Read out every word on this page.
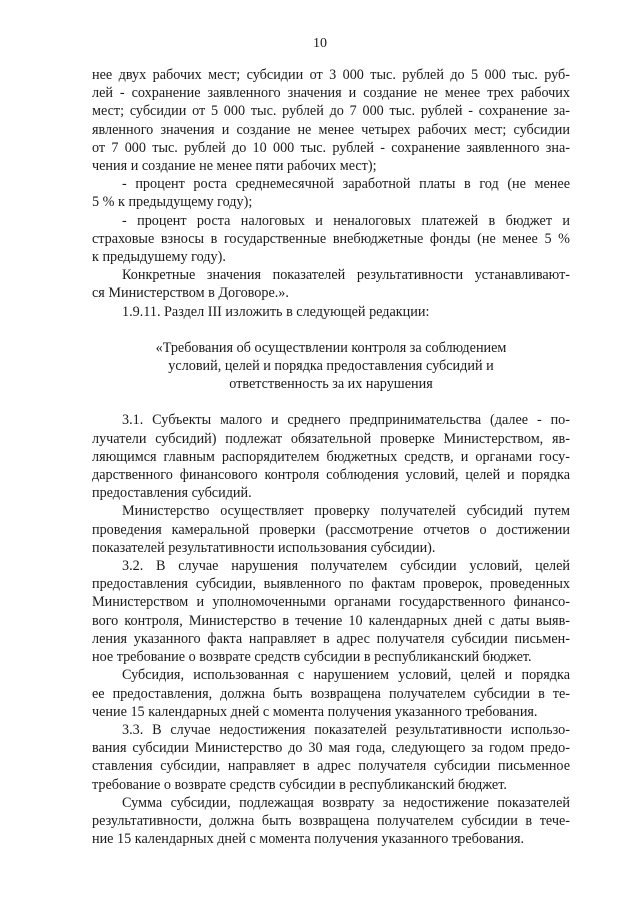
10
нее двух рабочих мест; субсидии от 3 000 тыс. рублей до 5 000 тыс. руб-
лей - сохранение заявленного значения и создание не менее трех рабочих
мест; субсидии от 5 000 тыс. рублей до 7 000 тыс. рублей - сохранение за-
явленного значения и создание не менее четырех рабочих мест; субсидии
от 7 000 тыс. рублей до 10 000 тыс. рублей - сохранение заявленного зна-
чения и создание не менее пяти рабочих мест);
- процент роста среднемесячной заработной платы в год (не менее
5 % к предыдущему году);
- процент роста налоговых и неналоговых платежей в бюджет и
страховые взносы в государственные внебюджетные фонды (не менее 5 %
к предыдушему году).
Конкретные значения показателей результативности устанавливают-
ся Министерством в Договоре.».
1.9.11. Раздел III изложить в следующей редакции:
«Требования об осуществлении контроля за соблюдением
условий, целей и порядка предоставления субсидий и
ответственность за их нарушения
3.1. Субъекты малого и среднего предпринимательства (далее - по-
лучатели субсидий) подлежат обязательной проверке Министерством, яв-
ляющимся главным распорядителем бюджетных средств, и органами госу-
дарственного финансового контроля соблюдения условий, целей и порядка
предоставления субсидий.
Министерство осуществляет проверку получателей субсидий путем
проведения камеральной проверки (рассмотрение отчетов о достижении
показателей результативности использования субсидии).
3.2. В случае нарушения получателем субсидии условий, целей
предоставления субсидии, выявленного по фактам проверок, проведенных
Министерством и уполномоченными органами государственного финансо-
вого контроля, Министерство в течение 10 календарных дней с даты выяв-
ления указанного факта направляет в адрес получателя субсидии письмен-
ное требование о возврате средств субсидии в республиканский бюджет.
Субсидия, использованная с нарушением условий, целей и порядка
ее предоставления, должна быть возвращена получателем субсидии в те-
чение 15 календарных дней с момента получения указанного требования.
3.3. В случае недостижения показателей результативности использо-
вания субсидии Министерство до 30 мая года, следующего за годом предо-
ставления субсидии, направляет в адрес получателя субсидии письменное
требование о возврате средств субсидии в республиканский бюджет.
Сумма субсидии, подлежащая возврату за недостижение показателей
результативности, должна быть возвращена получателем субсидии в тече-
ние 15 календарных дней с момента получения указанного требования.
